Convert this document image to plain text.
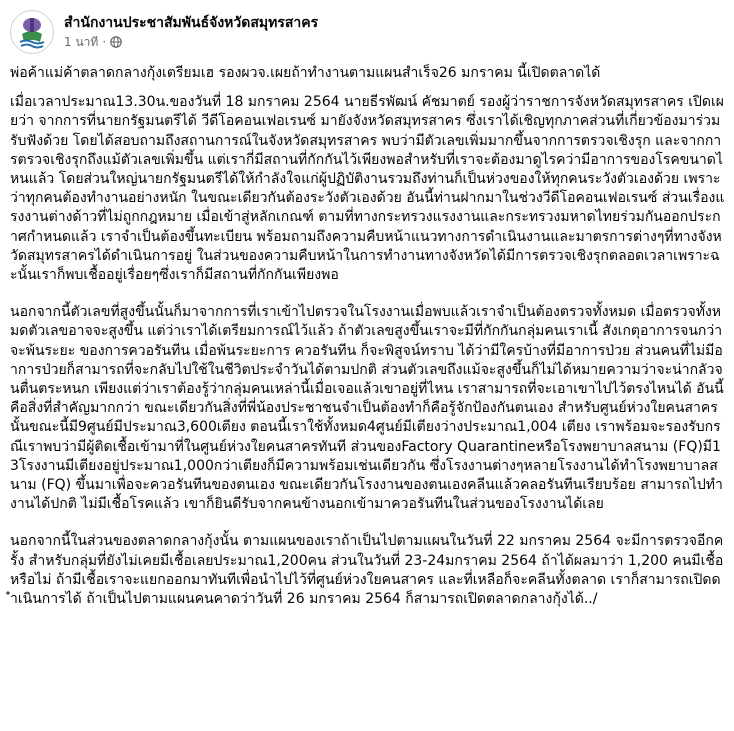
สำนักงานประชาสัมพันธ์จังหวัดสมุทรสาคร
1 นาที ·

พ่อค้าแม่ค้าตลาดกลางกุ้งเตรียมเฮ รองผวจ.เผยถ้าทำงานตามแผนสำเร็จ26 มกราคม นี้เปิดตลาดได้

เมื่อเวลาประมาณ13.30น.ของวันที่ 18 มกราคม 2564 นายธีรพัฒน์ คัชมาตย์ รองผู้ว่าราชการจังหวัดสมุทรสาคร เปิดเผยว่า จากการที่นายกรัฐมนตรีได้ วีดีโอคอนเฟอเรนซ์ มายังจังหวัดสมุทรสาคร ซึ่งเราได้เชิญทุกภาคส่วนที่เกี่ยวข้องมาร่วมรับฟังด้วย โดยได้สอบถามถึงสถานการณ์ในจังหวัดสมุทรสาคร พบว่ามีตัวเลขเพิ่มมากขึ้นจากการตรวจเชิงรุก และจากการตรวจเชิงรุกถึงแม้ตัวเลขเพิ่มขึ้น แต่เรากี่มีสถานที่กักกันไว้เพียงพอสำหรับที่เราจะต้องมาดูไรคว่ามีอาการของโรคขนาดไหนแล้ว โดยส่วนใหญ่นายกรัฐมนตรีได้ให้กำลังใจแก่ผู้ปฏิบัติงานรวมถึงท่านก็เป็นห่วงของให้ทุกคนระวังตัวเองด้วย เพราะว่าทุกคนต้องทำงานอย่างหนัก ในขณะเดียวกันต้องระวังตัวเองด้วย อันนี้ท่านฝากมาในช่วงวีดีโอคอนเฟอเรนซ์ ส่วนเรื่องแรงงานต่างด้าวที่ไม่ถูกกฎหมาย เมื่อเข้าสู่หลักเกณฑ์ ตามที่ทางกระทรวงแรงงานและกระทรวงมหาดไทยร่วมกันออกประกาศกำหนดแล้ว เราจำเป็นต้องขึ้นทะเบียน พร้อมถามถึงความคืบหน้าแนวทางการดำเนินงานและมาตรการต่างๆที่ทางจังหวัดสมุทรสาครได้ดำเนินการอยู่ ในส่วนของความคืบหน้าในการทำงานทางจังหวัดได้มีการตรวจเชิงรุกตลอดเวลาเพราะฉะนั้นเราก็พบเชื้ออยู่เรื่อยๆซึ่งเราก็มีสถานที่กักกันเพียงพอ

นอกจากนี้ตัวเลขที่สูงขึ้นนั้นก็มาจากการที่เราเข้าไปตรวจในโรงงานเมื่อพบแล้วเราจำเป็นต้องตรวจทั้งหมด เมื่อตรวจทั้งหมดตัวเลขอาจจะสูงขึ้น แต่ว่าเราได้เตรียมการณ์ไว้แล้ว ถ้าตัวเลขสูงขึ้นเราจะมีที่กักกันกลุ่มคนเราเนี้ สังเกตุอาการจนกว่าจะพ้นระยะ ของการควอรันทีน เมื่อพ้นระยะการ ควอรันทีน ก็จะพิสูจน์ทราบ ได้ว่ามีใครบ้างที่มีอาการป่วย ส่วนคนที่ไม่มีอาการป่วยก็สามารถที่จะกลับไปใช้ในชีวิตประจำวันได้ตามปกติ ส่วนตัวเลขถึงแม้จะสูงขึ้นก็ไม่ได้หมายความว่าจะน่ากลัวจนตื่นตระหนก เพียงแต่ว่าเราต้องรู้ว่ากลุ่มคนเหล่านี้เมื่อเจอแล้วเขาอยู่ที่ไหน เราสามารถที่จะเอาเขาไปไว้ตรงไหนได้ อันนี้คือสิ่งที่สำคัญมากกว่า ขณะเดียวกันสิ่งที่พี่น้องประชาชนจำเป็นต้องทำก็คือรู้จักป้องกันตนเอง สำหรับศูนย์ห่วงใยคนสาครนั้นขณะนี้มี9ศูนย์มีประมาณ3,600เตียง ตอนนี้เราใช้ทั้งหมด4ศูนย์มีเตียงว่างประมาณ1,004 เตียง เราพร้อมจะรองรับกรณีเราพบว่ามีผู้ติดเชื้อเข้ามาที่ในศูนย์ห่วงใยคนสาครทันที ส่วนของFactory Quarantineหรือโรงพยาบาลสนาม (FQ)มี13โรงงานมีเตียงอยู่ประมาณ1,000กว่าเตียงก็มีความพร้อมเช่นเดียวกัน ซึ่งโรงงานต่างๆหลายโรงงานได้ทำโรงพยาบาลสนาม (FQ) ขึ้นมาเพื่อจะควอรันทีนของตนเอง ขณะเดียวกันโรงงานของตนเองคลีนแล้วคลอรันทีนเรียบร้อย สามารถไปทำงานได้ปกติ ไม่มีเชื้อโรคแล้ว เขาก็ยินดีรับจากคนข้างนอกเข้ามาควอรันทีนในส่วนของโรงงานได้เลย

นอกจากนี้ในส่วนของตลาดกลางกุ้งนั้น ตามแผนของเราถ้าเป็นไปตามแผนในวันที่ 22 มกราคม 2564 จะมีการตรวจอีกครั้ง สำหรับกลุ่มที่ยังไม่เคยมีเชื้อเลยประมาณ1,200คน ส่วนในวันที่ 23-24มกราคม 2564 ถ้าได้ผลมาว่า 1,200 คนมีเชื้อหรือไม่ ถ้ามีเชื้อเราจะแยกออกมาทันทีเพื่อนำไปไว้ที่ศูนย์ห่วงใยคนสาคร และที่เหลือก็จะคลีนทั้งตลาด เราก็สามารถเปิดดำเนินการได้ ถ้าเป็นไปตามแผนคนคาดว่าวันที่ 26 มกราคม 2564 ก็สามารถเปิดตลาดกลางกุ้งได้../
